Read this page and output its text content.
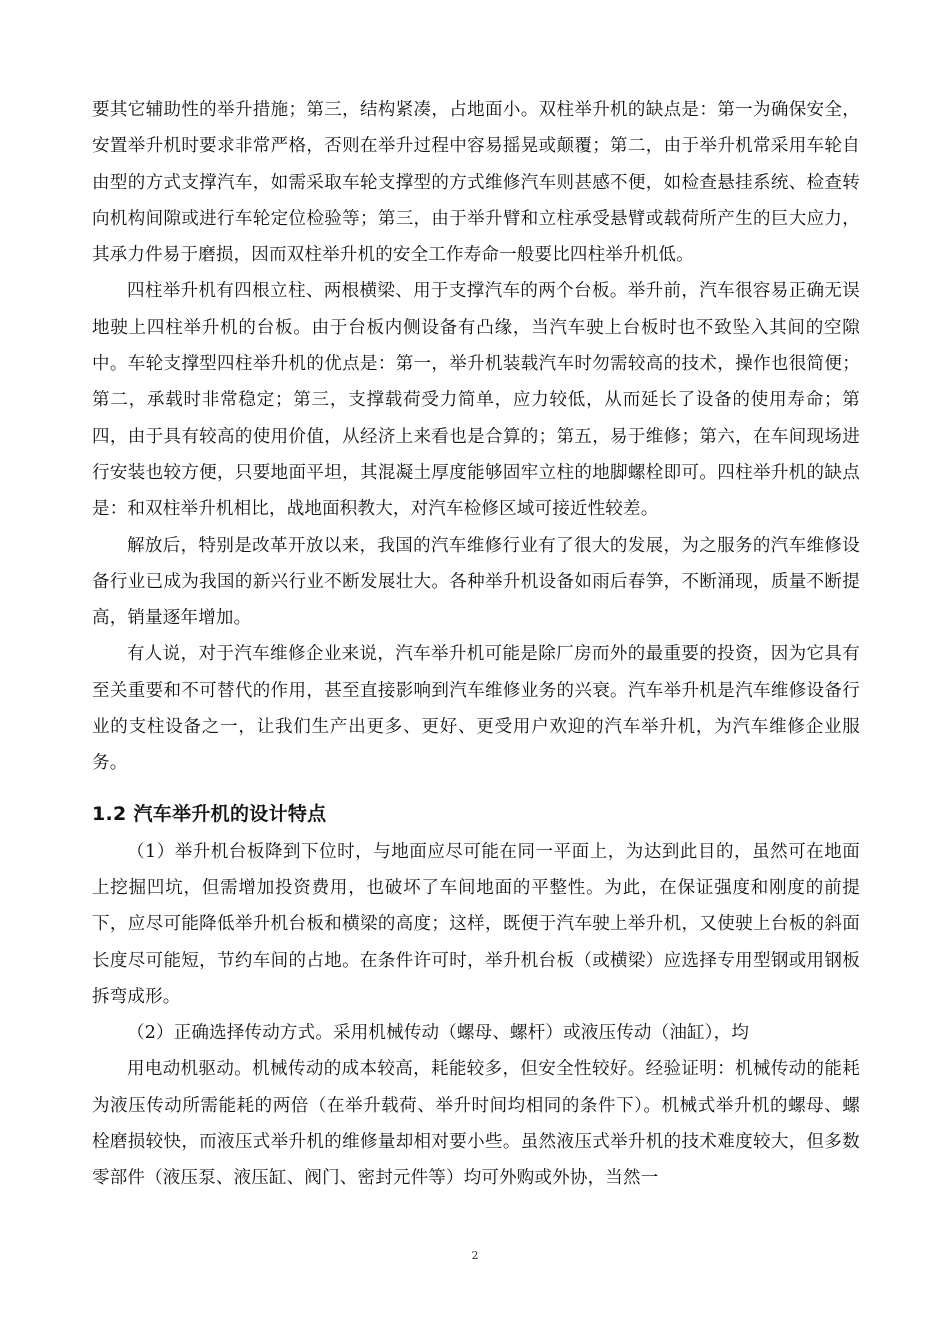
要其它辅助性的举升措施；第三，结构紧凑，占地面小。双柱举升机的缺点是：第一为确保安全，安置举升机时要求非常严格，否则在举升过程中容易摇晃或颠覆；第二，由于举升机常采用车轮自由型的方式支撑汽车，如需采取车轮支撑型的方式维修汽车则甚感不便，如检查悬挂系统、检查转向机构间隙或进行车轮定位检验等；第三，由于举升臂和立柱承受悬臂或载荷所产生的巨大应力，其承力件易于磨损，因而双柱举升机的安全工作寿命一般要比四柱举升机低。

四柱举升机有四根立柱、两根横梁、用于支撑汽车的两个台板。举升前，汽车很容易正确无误地驶上四柱举升机的台板。由于台板内侧设备有凸缘，当汽车驶上台板时也不致坠入其间的空隙中。车轮支撑型四柱举升机的优点是：第一，举升机装载汽车时勿需较高的技术，操作也很简便；第二，承载时非常稳定；第三，支撑载荷受力简单，应力较低，从而延长了设备的使用寿命；第四，由于具有较高的使用价值，从经济上来看也是合算的；第五，易于维修；第六，在车间现场进行安装也较方便，只要地面平坦，其混凝土厚度能够固牢立柱的地脚螺栓即可。四柱举升机的缺点是：和双柱举升机相比，战地面积教大，对汽车检修区域可接近性较差。

解放后，特别是改革开放以来，我国的汽车维修行业有了很大的发展，为之服务的汽车维修设备行业已成为我国的新兴行业不断发展壮大。各种举升机设备如雨后春笋，不断涌现，质量不断提高，销量逐年增加。

有人说，对于汽车维修企业来说，汽车举升机可能是除厂房而外的最重要的投资，因为它具有至关重要和不可替代的作用，甚至直接影响到汽车维修业务的兴衰。汽车举升机是汽车维修设备行业的支柱设备之一，让我们生产出更多、更好、更受用户欢迎的汽车举升机，为汽车维修企业服务。

1.2 汽车举升机的设计特点

（1）举升机台板降到下位时，与地面应尽可能在同一平面上，为达到此目的，虽然可在地面上挖掘凹坑，但需增加投资费用，也破坏了车间地面的平整性。为此，在保证强度和刚度的前提下，应尽可能降低举升机台板和横梁的高度；这样，既便于汽车驶上举升机，又使驶上台板的斜面长度尽可能短，节约车间的占地。在条件许可时，举升机台板（或横梁）应选择专用型钢或用钢板拆弯成形。

（2）正确选择传动方式。采用机械传动（螺母、螺杆）或液压传动（油缸），均

用电动机驱动。机械传动的成本较高，耗能较多，但安全性较好。经验证明：机械传动的能耗为液压传动所需能耗的两倍（在举升载荷、举升时间均相同的条件下）。机械式举升机的螺母、螺栓磨损较快，而液压式举升机的维修量却相对要小些。虽然液压式举升机的技术难度较大，但多数零部件（液压泵、液压缸、阀门、密封元件等）均可外购或外协，当然一

2
